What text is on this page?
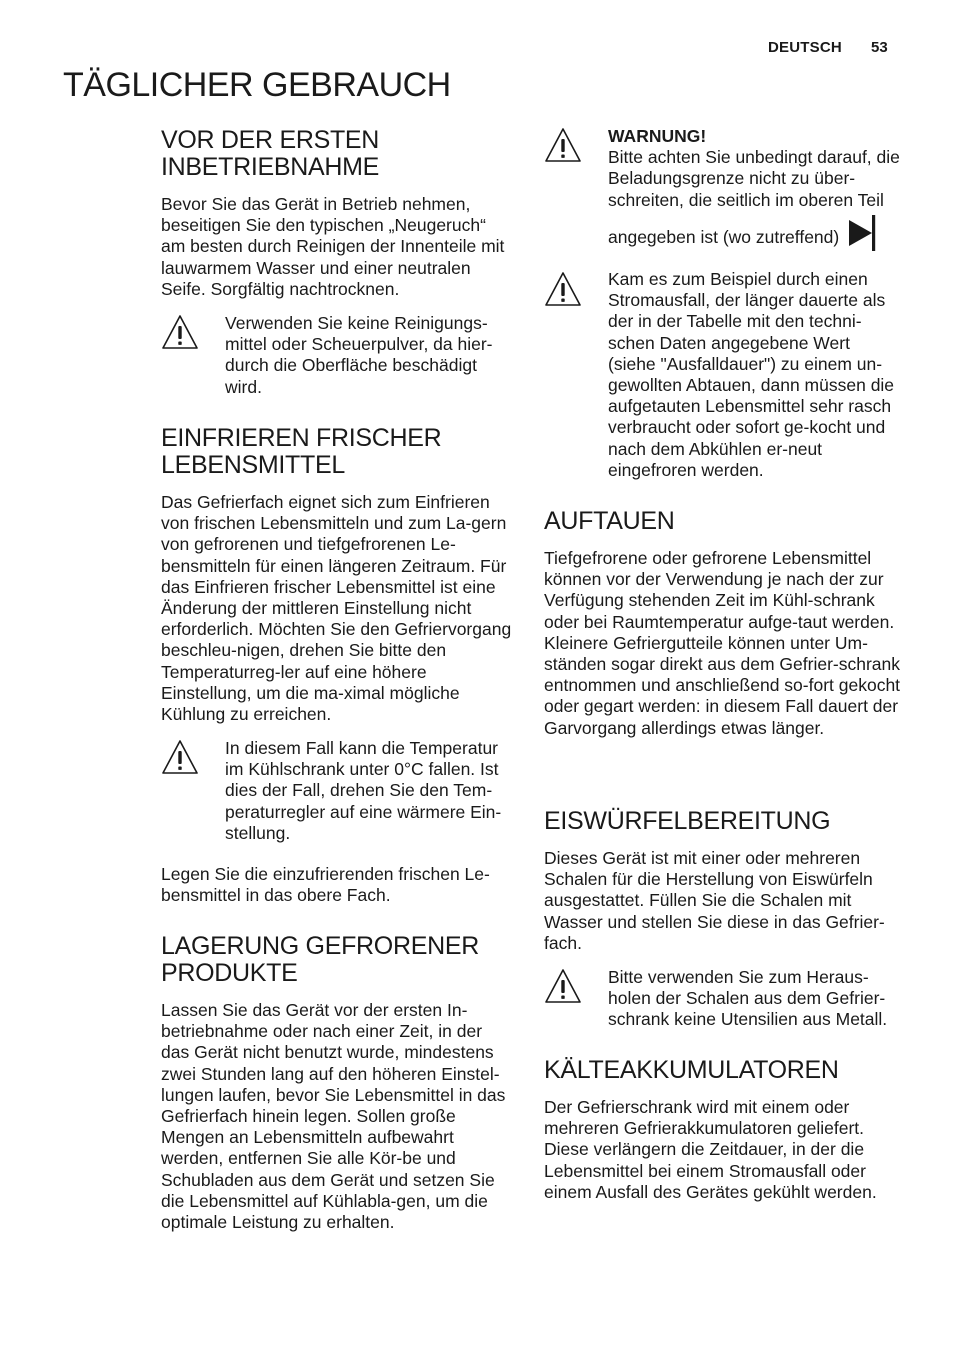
DEUTSCH 53
TÄGLICHER GEBRAUCH
VOR DER ERSTEN
INBETRIEBNAHME

Bevor Sie das Gerät in Betrieb nehmen, beseitigen Sie den typischen „Neugeruch“ am besten durch Reinigen der Innenteile mit lauwarmem Wasser und einer neutralen Seife. Sorgfältig nachtrocknen.

Verwenden Sie keine Reinigungs-mittel oder Scheuerpulver, da hier-durch die Oberfläche beschädigt wird.

EINFRIEREN FRISCHER
LEBENSMITTEL

Das Gefrierfach eignet sich zum Einfrieren von frischen Lebensmitteln und zum La-gern von gefrorenen und tiefgefrorenen Le-bensmitteln für einen längeren Zeitraum. Für das Einfrieren frischer Lebensmittel ist eine Änderung der mittleren Einstellung nicht erforderlich. Möchten Sie den Gefriervorgang beschleu-nigen, drehen Sie bitte den Temperaturreg-ler auf eine höhere Einstellung, um die ma-ximal mögliche Kühlung zu erreichen.

In diesem Fall kann die Temperatur im Kühlschrank unter 0°C fallen. Ist dies der Fall, drehen Sie den Tem-peraturregler auf eine wärmere Ein-stellung.

Legen Sie die einzufrierenden frischen Le-bensmittel in das obere Fach.

LAGERUNG GEFRORENER
PRODUKTE

Lassen Sie das Gerät vor der ersten In-betriebnahme oder nach einer Zeit, in der das Gerät nicht benutzt wurde, mindestens zwei Stunden lang auf den höheren Einstel-lungen laufen, bevor Sie Lebensmittel in das Gefrierfach hinein legen. Sollen große Mengen an Lebensmitteln aufbewahrt werden, entfernen Sie alle Kör-be und Schubladen aus dem Gerät und setzen Sie die Lebensmittel auf Kühlabla-gen, um die optimale Leistung zu erhalten.

WARNUNG!
Bitte achten Sie unbedingt darauf, die Beladungsgrenze nicht zu über-schreiten, die seitlich im oberen Teil

angegeben ist (wo zutreffend)

Kam es zum Beispiel durch einen Stromausfall, der länger dauerte als der in der Tabelle mit den techni-schen Daten angegebene Wert (siehe "Ausfalldauer") zu einem un-gewollten Abtauen, dann müssen die aufgetauten Lebensmittel sehr rasch verbraucht oder sofort ge-kocht und nach dem Abkühlen er-neut eingefroren werden.

AUFTAUEN

Tiefgefrorene oder gefrorene Lebensmittel können vor der Verwendung je nach der zur Verfügung stehenden Zeit im Kühl-schrank oder bei Raumtemperatur aufge-taut werden. Kleinere Gefriergutteile können unter Um-ständen sogar direkt aus dem Gefrier-schrank entnommen und anschließend so-fort gekocht oder gegart werden: in diesem Fall dauert der Garvorgang allerdings etwas länger.

EISWÜRFELBEREITUNG

Dieses Gerät ist mit einer oder mehreren Schalen für die Herstellung von Eiswürfeln ausgestattet. Füllen Sie die Schalen mit Wasser und stellen Sie diese in das Gefrier-fach.

Bitte verwenden Sie zum Heraus-holen der Schalen aus dem Gefrier-schrank keine Utensilien aus Metall.

KÄLTEAKKUMULATOREN

Der Gefrierschrank wird mit einem oder mehreren Gefrierakkumulatoren geliefert. Diese verlängern die Zeitdauer, in der die Lebensmittel bei einem Stromausfall oder einem Ausfall des Gerätes gekühlt werden.
